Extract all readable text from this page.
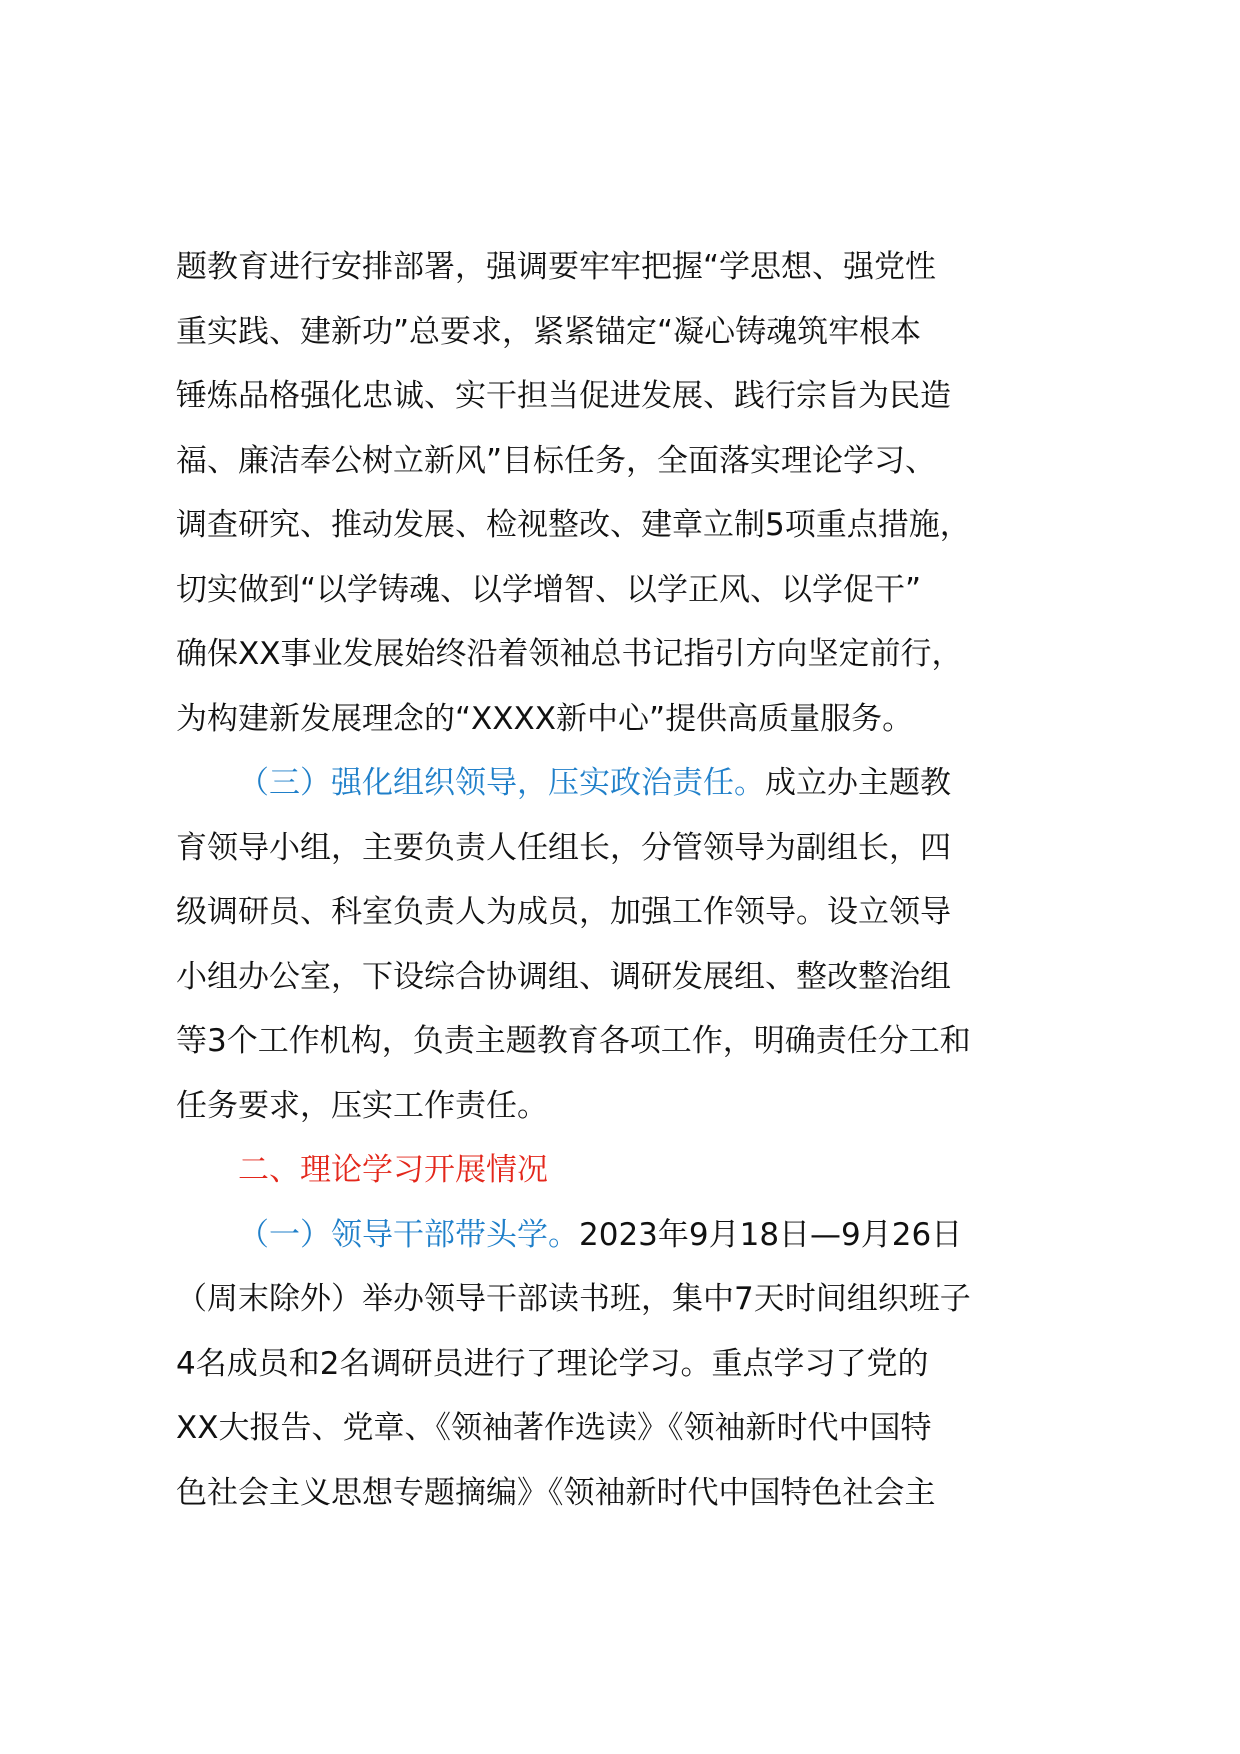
题教育进行安排部署，强调要牢牢把握“学思想、强党性
重实践、建新功”总要求，紧紧锚定“凝心铸魂筑牢根本
锤炼品格强化忠诚、实干担当促进发展、践行宗旨为民造
福、廉洁奉公树立新风”目标任务，全面落实理论学习、
调查研究、推动发展、检视整改、建章立制5项重点措施，
切实做到“以学铸魂、以学增智、以学正风、以学促干”
确保XX事业发展始终沿着领袖总书记指引方向坚定前行，
为构建新发展理念的“XXXX新中心”提供高质量服务。
（三）强化组织领导，压实政治责任。成立办主题教
育领导小组，主要负责人任组长，分管领导为副组长，四
级调研员、科室负责人为成员，加强工作领导。设立领导
小组办公室，下设综合协调组、调研发展组、整改整治组
等3个工作机构，负责主题教育各项工作，明确责任分工和
任务要求，压实工作责任。
二、理论学习开展情况
（一）领导干部带头学。2023年9月18日—9月26日
（周末除外）举办领导干部读书班，集中7天时间组织班子
4名成员和2名调研员进行了理论学习。重点学习了党的
XX大报告、党章、《领袖著作选读》《领袖新时代中国特
色社会主义思想专题摘编》《领袖新时代中国特色社会主
